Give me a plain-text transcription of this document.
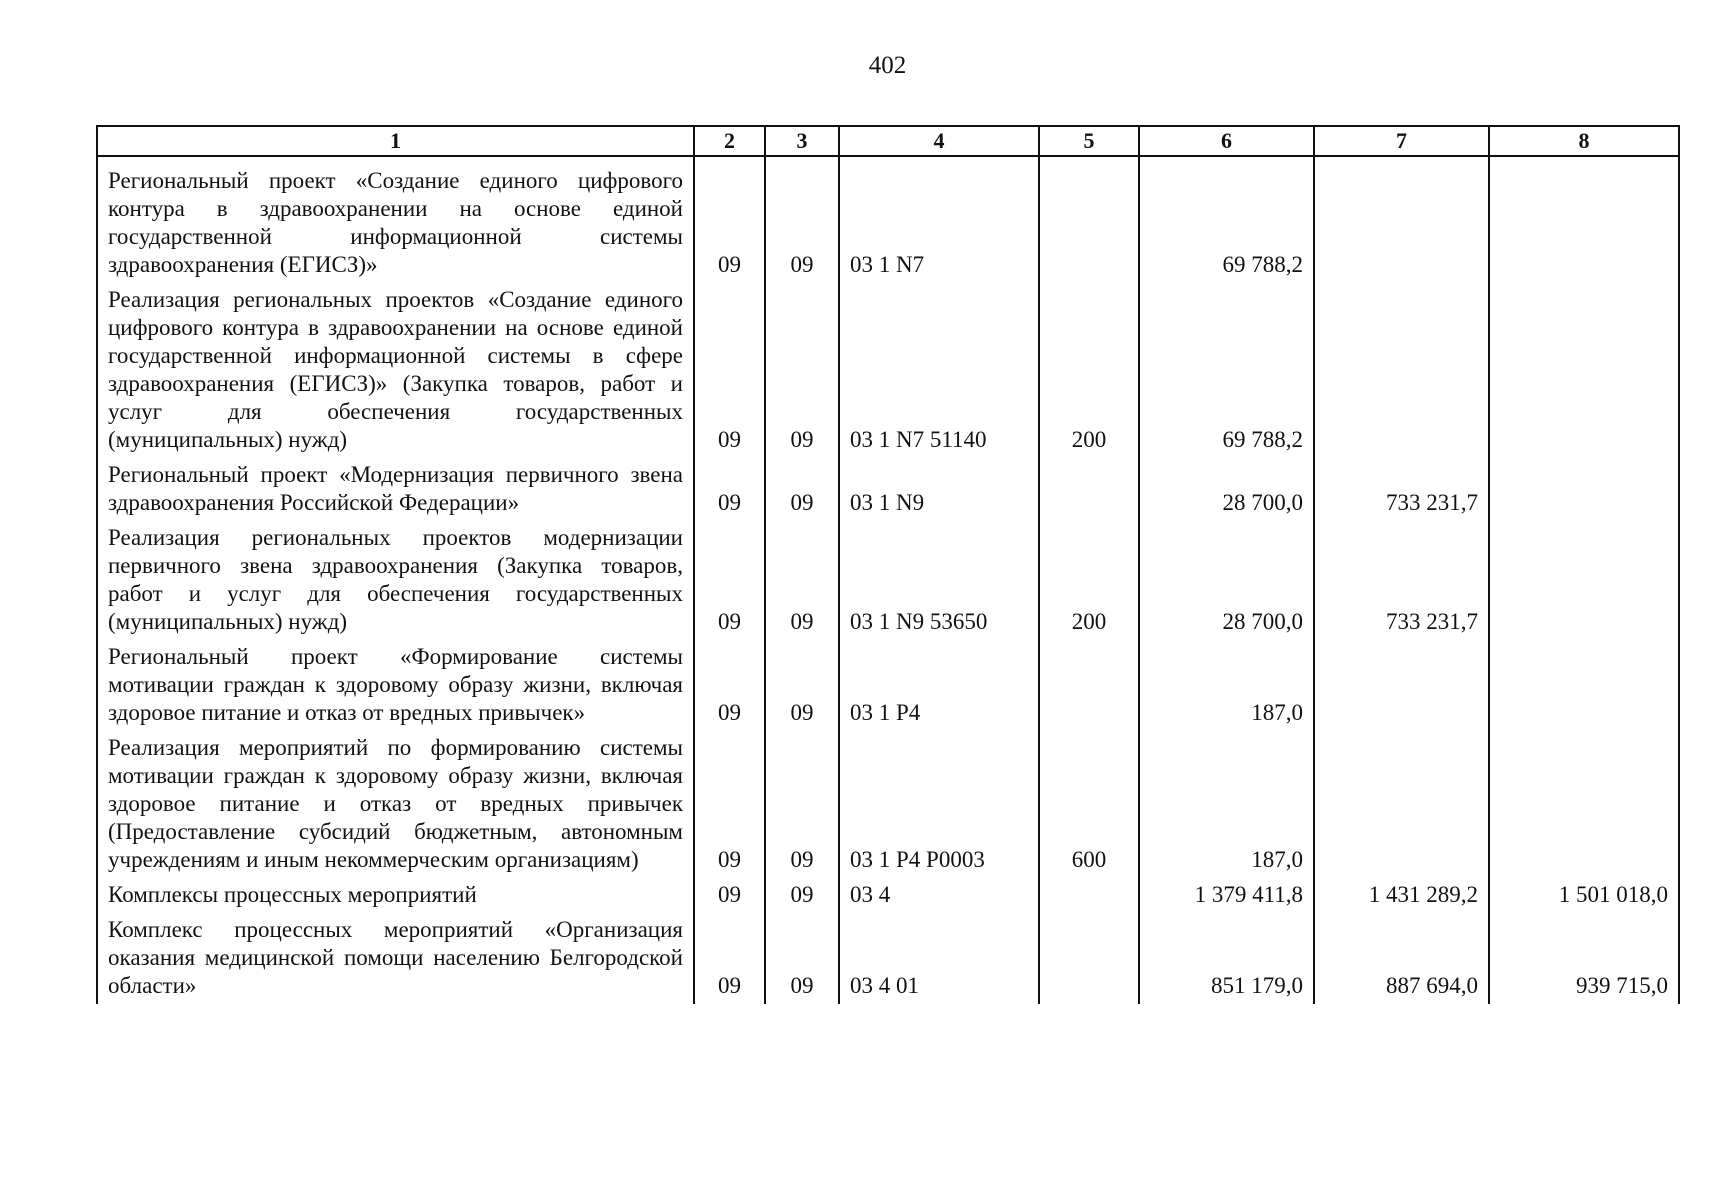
402
1	2	3	4	5	6	7	8
Региональный проект «Создание единого цифрового контура в здравоохранении на основе единой государственной информационной системы здравоохранения (ЕГИСЗ)»	09	09	03 1 N7		69 788,2		
Реализация региональных проектов «Создание единого цифрового контура в здравоохранении на основе единой государственной информационной системы в сфере здравоохранения (ЕГИСЗ)» (Закупка товаров, работ и услуг для обеспечения государственных (муниципальных) нужд)	09	09	03 1 N7 51140	200	69 788,2		
Региональный проект «Модернизация первичного звена здравоохранения Российской Федерации»	09	09	03 1 N9		28 700,0	733 231,7	
Реализация региональных проектов модернизации первичного звена здравоохранения (Закупка товаров, работ и услуг для обеспечения государственных (муниципальных) нужд)	09	09	03 1 N9 53650	200	28 700,0	733 231,7	
Региональный проект «Формирование системы мотивации граждан к здоровому образу жизни, включая здоровое питание и отказ от вредных привычек»	09	09	03 1 P4		187,0		
Реализация мероприятий по формированию системы мотивации граждан к здоровому образу жизни, включая здоровое питание и отказ от вредных привычек (Предоставление субсидий бюджетным, автономным учреждениям и иным некоммерческим организациям)	09	09	03 1 P4 P0003	600	187,0		
Комплексы процессных мероприятий	09	09	03 4		1 379 411,8	1 431 289,2	1 501 018,0
Комплекс процессных мероприятий «Организация оказания медицинской помощи населению Белгородской области»	09	09	03 4 01		851 179,0	887 694,0	939 715,0
